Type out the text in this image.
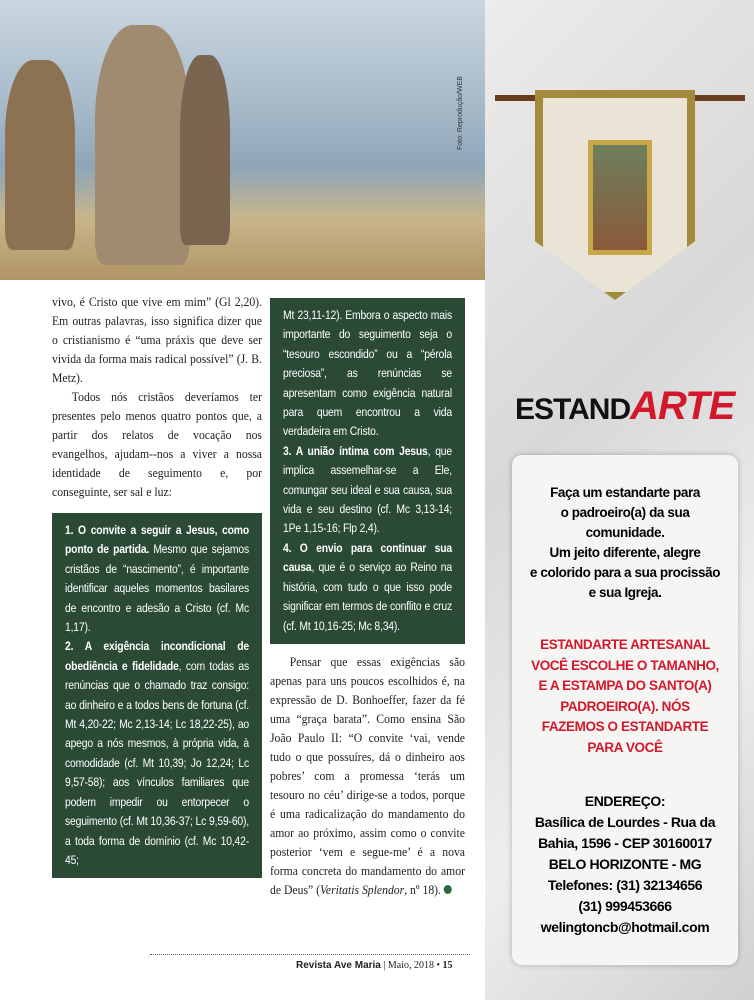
Foto: Reprodução/WEB

vivo, é Cristo que vive em mim” (Gl 2,20). Em outras palavras, isso significa dizer que o cristianismo é “uma práxis que deve ser vivida da forma mais radical possível” (J. B. Metz).

Todos nós cristãos deveríamos ter presentes pelo menos quatro pontos que, a partir dos relatos de vocação nos evangelhos, ajudam--nos a viver a nossa identidade de seguimento e, por conseguinte, ser sal e luz:

1. O convite a seguir a Jesus, como ponto de partida. Mesmo que sejamos cristãos de “nascimento”, é importante identificar aqueles momentos basilares de encontro e adesão a Cristo (cf. Mc 1,17).
2. A exigência incondicional de obediência e fidelidade, com todas as renúncias que o chamado traz consigo: ao dinheiro e a todos bens de fortuna (cf. Mt 4,20-22; Mc 2,13-14; Lc 18,22-25), ao apego a nós mesmos, à própria vida, à comodidade (cf. Mt 10,39; Jo 12,24; Lc 9,57-58); aos vínculos familiares que podem impedir ou entorpecer o seguimento (cf. Mt 10,36-37; Lc 9,59-60), a toda forma de domínio (cf. Mc 10,42-45;
Mt 23,11-12). Embora o aspecto mais importante do seguimento seja o “tesouro escondido” ou a “pérola preciosa”, as renúncias se apresentam como exigência natural para quem encontrou a vida verdadeira em Cristo.
3. A união íntima com Jesus, que implica assemelhar-se a Ele, comungar seu ideal e sua causa, sua vida e seu destino (cf. Mc 3,13-14; 1Pe 1,15-16; Flp 2,4).
4. O envio para continuar sua causa, que é o serviço ao Reino na história, com tudo o que isso pode significar em termos de conflito e cruz (cf. Mt 10,16-25; Mc 8,34).

Pensar que essas exigências são apenas para uns poucos escolhidos é, na expressão de D. Bonhoeffer, fazer da fé uma “graça barata”. Como ensina São João Paulo II: “O convite ‘vai, vende tudo o que possuíres, dá o dinheiro aos pobres’ com a promessa ‘terás um tesouro no céu’ dirige-se a todos, porque é uma radicalização do mandamento do amor ao próximo, assim como o convite posterior ‘vem e segue-me’ é a nova forma concreta do mandamento do amor de Deus” (Veritatis Splendor, nº 18).

Revista Ave Maria | Maio, 2018 • 15
ESTANDARTE
Faça um estandarte para
o padroeiro(a) da sua
comunidade.
Um jeito diferente, alegre
e colorido para a sua procissão
e sua Igreja.
ESTANDARTE ARTESANAL
VOCÊ ESCOLHE O TAMANHO,
E A ESTAMPA DO SANTO(A)
PADROEIRO(A). NÓS
FAZEMOS O ESTANDARTE
PARA VOCÊ
ENDEREÇO:
Basílica de Lourdes - Rua da
Bahia, 1596 - CEP 30160017
BELO HORIZONTE - MG
Telefones: (31) 32134656
(31) 999453666
welingtoncb@hotmail.com
